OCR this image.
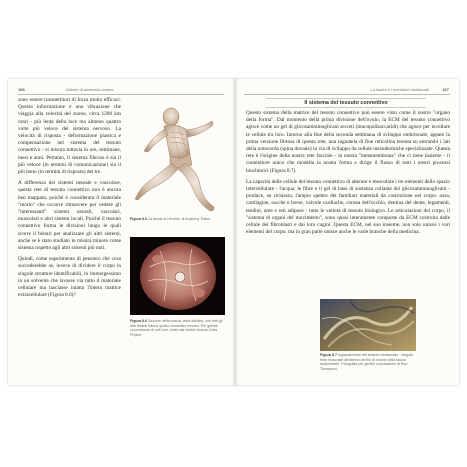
166	Atlante di anatomia umana

sono essere trasmettitori di forza molto efficaci. Questa informazione è una vibrazione che viaggia alla velocità del suono, circa 1200 km orari - più lenta della luce ma almeno quattro volte più veloce del sistema nervoso. La velocità di risposta - deformazione plastica e compensazione nel sistema del tessuto connettivo - si misura tuttavia in ore, settimane, mesi e anni. Pertanto, il sistema fibroso è sia il più veloce (in termini di comunicazione) sia il più lento (in termini di risposta) dei tre.

A differenza dei sistemi neurale e vascolare, questa rete di tessuto connettivo non è ancora ben mappata, poiché è considerata il materiale "morto" che occorre rimuovere per vedere gli "interessanti" sistemi neurali, vascolari, muscolari e altri sistemi locali. Poiché il tessuto connettivo forma le divisioni lungo le quali scorre il bisturi per analizzare gli altri sistemi, anche se è stato studiato in misura minore come sistema rispetto agli altri sistemi più noti.

Quindi, come esperimento di pensiero che cosa succederebbe se, invece di dividere il corpo in singole strutture identificabili, lo immergessimo in un solvente che lavasse via tutto il materiale cellulare ma lasciasse intatta l'intera matrice extracellulare (Figura 8.6)?

Figura 8.6 La fascia di Hendrik, di Anatomy Trains
Figura 8.6 Sezione della coscia, vista dall'alto, con tutti gli altri tessuti tranne quello connettivo rimossi. Per gentile concessione di Jeff Linn, tratto dal Visible Human Data Project.
La fascia e i meridiani miofasciali	167
Il sistema del tessuto connettivo

Questo sistema della matrice del tessuto connettivo può essere visto come il nostro "organo della forma". Dal momento della prima divisione dell'ovulo, la ECM del tessuto connettivo agisce come un gel di glicosamminoglicani secreti (mucopolisaccaridi) che agisce per incollare le cellule tra loro. Intorno alla fine della seconda settimana di sviluppo embrionale, appare la prima versione fibrosa di questa rete, una ragnatela di fine reticolina tessuta su entrambi i lati della notocorda (spina dorsale) in via di sviluppo da cellule mesodermiche specializzate. Questa rete è l'origine della nostra rete fasciale - la nostra "metamembrana" che ci tiene insieme - il contenitore unico che modella la nostra forma e dirige il flusso di tutti i nostri processi biochimici (Figura 8.7).

La capacità delle cellule del tessuto connettivo di alterare e mescolare i tre elementi dello spazio intercellulare - l'acqua, le fibre e il gel di base di sostanza collante dei glicosamminoglicani - produce, su richiesta, l'ampio spettro dei familiari materiali da costruzione nel corpo: ossa, cartilagine, sacche e borse, valvole cardiache, cornea dell'occhio, dentina del dente, legamenti, tendini, aree e reti adipose - tutte le varietà di tessuto biologico. Le articolazioni del corpo, il "sistema di organi del movimento", sono quasi interamente composte da ECM costruita dalle cellule dei fibroblasti e dai loro cugini. Questa ECM, nel suo insieme, non solo unisce i vari elementi del corpo, ma in gran parte unisce anche le varie branche della medicina.

Figura 8.7 Ingrandimento del tessuto miofasciale - singole fibre muscolari all'interno del filo di cotone della fascia endomisiale. Fotografia per gentile concessione di Ron Thompson.
